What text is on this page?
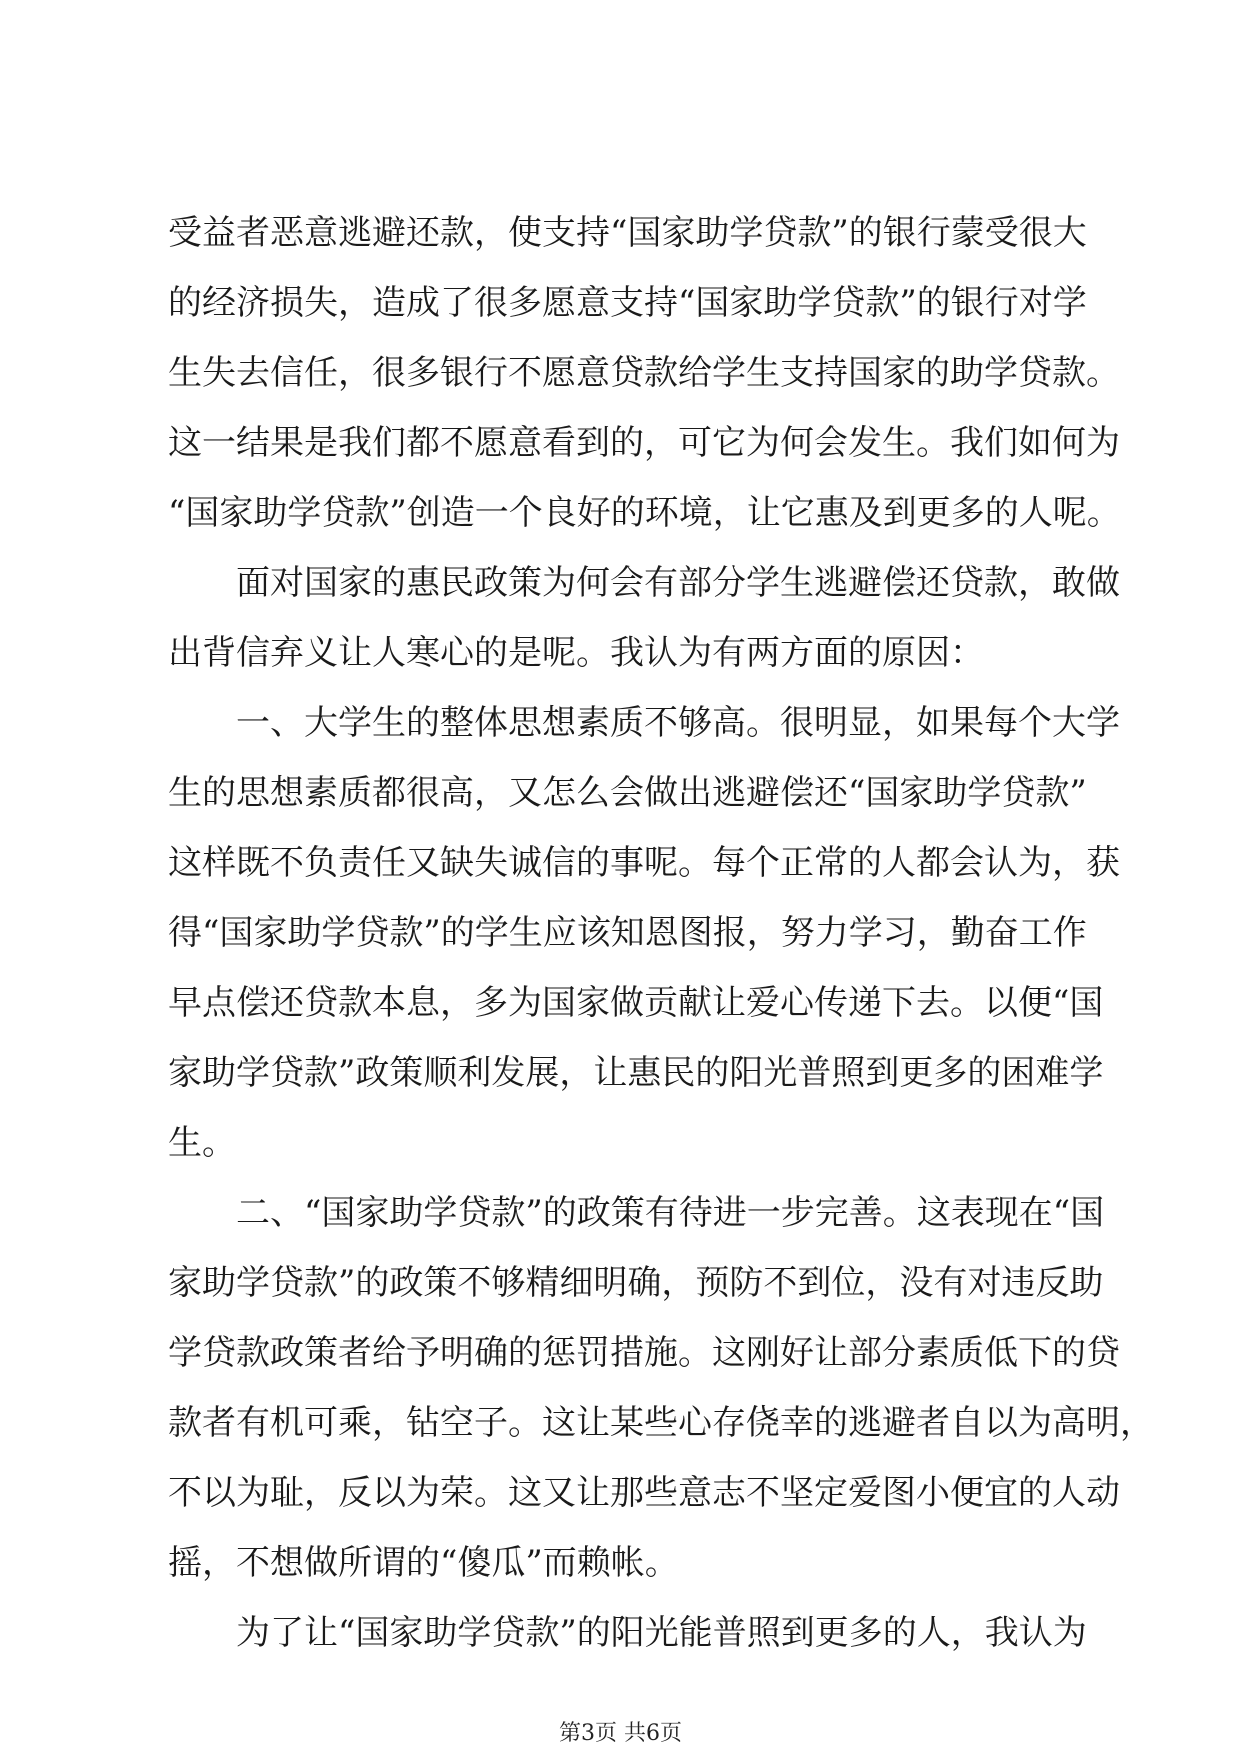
受益者恶意逃避还款，使支持“国家助学贷款”的银行蒙受很大
的经济损失，造成了很多愿意支持“国家助学贷款”的银行对学
生失去信任，很多银行不愿意贷款给学生支持国家的助学贷款。
这一结果是我们都不愿意看到的，可它为何会发生。我们如何为
“国家助学贷款”创造一个良好的环境，让它惠及到更多的人呢。
面对国家的惠民政策为何会有部分学生逃避偿还贷款，敢做
出背信弃义让人寒心的是呢。我认为有两方面的原因：
一、大学生的整体思想素质不够高。很明显，如果每个大学
生的思想素质都很高，又怎么会做出逃避偿还“国家助学贷款”
这样既不负责任又缺失诚信的事呢。每个正常的人都会认为，获
得“国家助学贷款”的学生应该知恩图报，努力学习，勤奋工作
早点偿还贷款本息，多为国家做贡献让爱心传递下去。以便“国
家助学贷款”政策顺利发展，让惠民的阳光普照到更多的困难学
生。
二、“国家助学贷款”的政策有待进一步完善。这表现在“国
家助学贷款”的政策不够精细明确，预防不到位，没有对违反助
学贷款政策者给予明确的惩罚措施。这刚好让部分素质低下的贷
款者有机可乘，钻空子。这让某些心存侥幸的逃避者自以为高明，
不以为耻，反以为荣。这又让那些意志不坚定爱图小便宜的人动
摇，不想做所谓的“傻瓜”而赖帐。
为了让“国家助学贷款”的阳光能普照到更多的人，我认为
第3页 共6页
